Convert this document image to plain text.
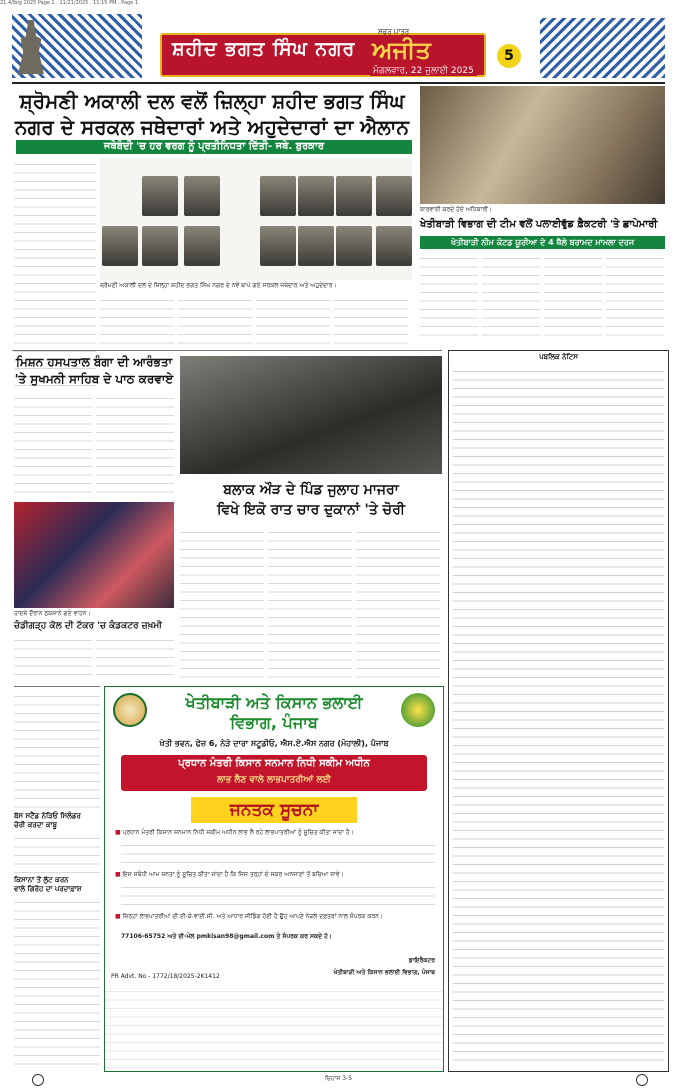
21.4/lbig 2025 Page 1 . 11/21/2025 . 11:15 PM . Page 1
ਸ਼ਹੀਦ ਭਗਤ ਸਿੰਘ ਨਗਰ
ਸਫਰ ਪਾਤਰ
ਅਜੀਤ
ਮੰਗਲਵਾਰ, 22 ਜੁਲਾਈ 2025
5
ਸ਼੍ਰੋਮਣੀ ਅਕਾਲੀ ਦਲ ਵਲੋਂ ਜ਼ਿਲ੍ਹਾ ਸ਼ਹੀਦ ਭਗਤ ਸਿੰਘ
ਨਗਰ ਦੇ ਸਰਕਲ ਜਥੇਦਾਰਾਂ ਅਤੇ ਅਹੁਦੇਦਾਰਾਂ ਦਾ ਐਲਾਨ
ਜਥੇਬੰਦੀ 'ਚ ਹਰ ਵਰਗ ਨੂੰ ਪ੍ਰਤੀਨਿਧਤਾ ਦਿੱਤੀ- ਜਥੇ. ਬੁਰਕਾਰ
ਸ਼੍ਰੋਮਣੀ ਅਕਾਲੀ ਦਲ ਦੇ ਜ਼ਿਲ੍ਹਾ ਸ਼ਹੀਦ ਭਗਤ ਸਿੰਘ ਨਗਰ ਦੇ ਨਵੇਂ ਥਾਪੇ ਗਏ ਸਰਕਲ ਜਥੇਦਾਰ ਅਤੇ ਅਹੁਦੇਦਾਰ।
ਕਾਰਵਾਈ ਕਰਦੇ ਹੋਏ ਅਧਿਕਾਰੀ।
ਖੇਤੀਬਾੜੀ ਵਿਭਾਗ ਦੀ ਟੀਮ ਵਲੋਂ ਪਲਾਈਵੁੱਡ ਫ਼ੈਕਟਰੀ 'ਤੇ ਛਾਪੇਮਾਰੀ
ਖੇਤੀਬਾੜੀ ਨੀਮ ਕੋਟਡ ਯੂਰੀਆ ਦੇ 4 ਥੈਲੇ ਬਰਾਮਦ ਮਾਮਲਾ ਦਰਜ
ਮਿਸ਼ਨ ਹਸਪਤਾਲ ਬੰਗਾ ਦੀ ਆਰੰਭਤਾ
'ਤੇ ਸੁਖਮਨੀ ਸਾਹਿਬ ਦੇ ਪਾਠ ਕਰਵਾਏ
ਹਾਦਸੇ ਦੌਰਾਨ ਨੁਕਸਾਨੇ ਗਏ ਵਾਹਨ।
ਚੰਡੀਗੜ੍ਹ ਕੋਲ ਦੀ ਟੱਕਰ 'ਚ ਕੰਡਕਟਰ ਜ਼ਖ਼ਮੀ
ਬਲਾਕ ਔੜ ਦੇ ਪਿੰਡ ਜੁਲਾਹ ਮਾਜਰਾ
ਵਿਖੇ ਇਕੋ ਰਾਤ ਚਾਰ ਦੁਕਾਨਾਂ 'ਤੇ ਚੋਰੀ
ਪਬਲਿਕ ਨੋਟਿਸ
ਬੱਸ ਸਟੈਂਡ ਨੇੜਿਓਂ ਸਿਲੰਡਰ
ਚੋਰੀ ਕਰਦਾ ਕਾਬੂ
ਕਿਸਾਨਾਂ ਤੋਂ ਲੁੱਟ ਕਰਨ
ਵਾਲੇ ਗਿਰੋਹ ਦਾ ਪਰਦਾਫ਼ਾਸ਼
ਖੇਤੀਬਾੜੀ ਅਤੇ ਕਿਸਾਨ ਭਲਾਈ
ਵਿਭਾਗ, ਪੰਜਾਬ
ਖੇਤੀ ਭਵਨ, ਫੇਜ਼ 6, ਨੇੜੇ ਦਾਰਾ ਸਟੂਡੀਓ, ਐਸ.ਏ.ਐਸ ਨਗਰ (ਮੋਹਾਲੀ), ਪੰਜਾਬ
ਪ੍ਰਧਾਨ ਮੰਤਰੀ ਕਿਸਾਨ ਸਨਮਾਨ ਨਿਧੀ ਸਕੀਮ ਅਧੀਨ
ਲਾਭ ਲੈਣ ਵਾਲੇ ਲਾਭਪਾਤਰੀਆਂ ਲਈ
ਜਨਤਕ ਸੂਚਨਾ
■ ਪ੍ਰਧਾਨ ਮੰਤਰੀ ਕਿਸਾਨ ਸਨਮਾਨ ਨਿਧੀ ਸਕੀਮ ਅਧੀਨ ਲਾਭ ਲੈ ਰਹੇ ਲਾਭਪਾਤਰੀਆਂ ਨੂੰ ਸੂਚਿਤ ਕੀਤਾ ਜਾਂਦਾ ਹੈ।
■ ਇਸ ਸਬੰਧੀ ਆਮ ਜਨਤਾ ਨੂੰ ਸੂਚਿਤ ਕੀਤਾ ਜਾਂਦਾ ਹੈ ਕਿ ਜਿਸ ਤਰ੍ਹਾਂ ਦੇ ਸਕਰ ਅਨਜਾਣਾਂ ਤੋਂ ਬਚਿਆ ਜਾਵੇ।
■ ਜਿਨ੍ਹਾਂ ਲਾਭਪਾਤਰੀਆਂ ਦੀ ਈ-ਕੇ.ਵਾਈ.ਸੀ. ਅਤੇ ਆਧਾਰ ਸੀਡਿੰਗ ਹੋਣੀ ਹੈ ਉਹ ਆਪਣੇ ਨੇੜਲੇ ਦਫ਼ਤਰਾਂ ਨਾਲ ਸੰਪਰਕ ਕਰਨ।
77106-65752 ਅਤੇ ਈ-ਮੇਲ pmkisan98@gmail.com ਤੇ ਸੰਪਰਕ ਕਰ ਸਕਦੇ ਹੋ।
ਡਾਇਰੈਕਟਰ
ਖੇਤੀਬਾੜੀ ਅਤੇ ਕਿਸਾਨ ਭਲਾਈ ਵਿਭਾਗ, ਪੰਜਾਬ
PR Advt. No - 1772/18/2025-2K1412
ਚਿਹਾਸ 3-5
